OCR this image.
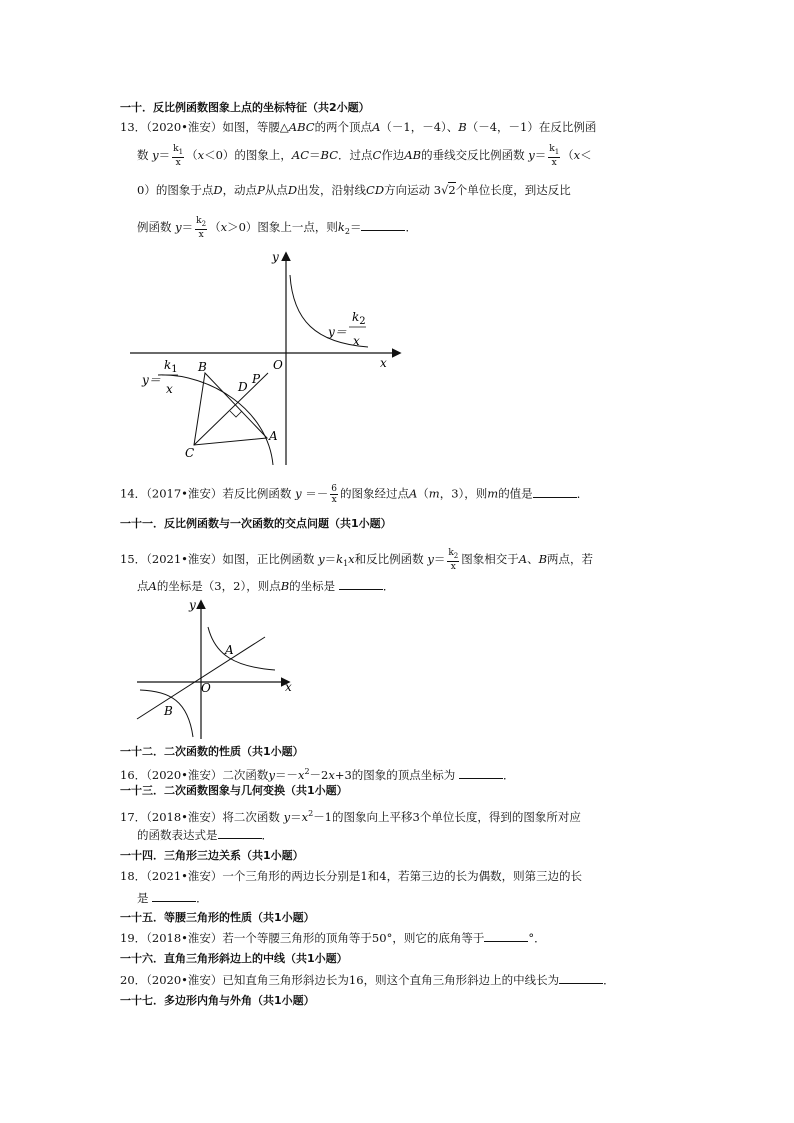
一十．反比例函数图象上点的坐标特征（共2小题）
13．（2020•淮安）如图，等腰△ABC的两个顶点A（－1，－4）、B（－4，－1）在反比例函
数 $y= \frac{k_1}{x} (x<0)$的图象上，AC＝BC．过点C作边AB的垂线交反比例函数 $y= \frac{k_1}{x} (x<$
0）的图象于点D，动点P从点D出发，沿射线CD方向运动 3√2个单位长度，到达反比
例函数 $y= \frac{k_2}{x} (x>0)$图象上一点，则$k_2=$	．
y
x
O
B
C
A
D
P
y＝
$k_1$
x
y＝
$k_2$
x
14．（2017•淮安）若反比例函数 $y =- \frac{6}{x}$ 的图象经过点A（m，3），则m的值是	．
一十一．反比例函数与一次函数的交点问题（共1小题）
15．（2021•淮安）如图，正比例函数 $y=k_1x$和反比例函数 $y= \frac{k_2}{x}$ 图象相交于A、B两点，若
点A的坐标是（3，2），则点B的坐标是	．
y
x
O
A
B
一十二．二次函数的性质（共1小题）
16．（2020•淮安）二次函数$y=-x^2-2x+3$的图象的顶点坐标为	．
一十三．二次函数图象与几何变换（共1小题）
17．（2018•淮安）将二次函数 $y=x^2-1$的图象向上平移3个单位长度，得到的图象所对应
的函数表达式是	．
一十四．三角形三边关系（共1小题）
18．（2021•淮安）一个三角形的两边长分别是1和4，若第三边的长为偶数，则第三边的长
是	．
一十五．等腰三角形的性质（共1小题）
19．（2018•淮安）若一个等腰三角形的顶角等于50°，则它的底角等于	°．
一十六．直角三角形斜边上的中线（共1小题）
20．（2020•淮安）已知直角三角形斜边长为16，则这个直角三角形斜边上的中线长为	．
一十七．多边形内角与外角（共1小题）
